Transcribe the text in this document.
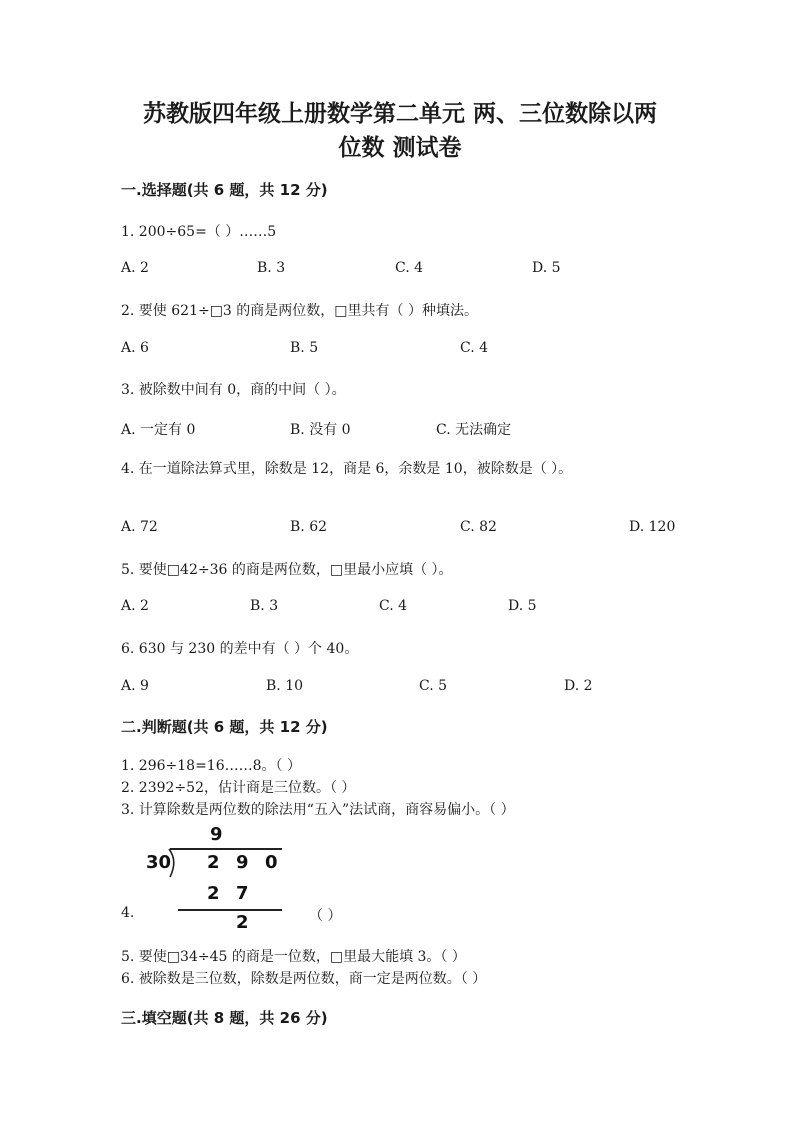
苏教版四年级上册数学第二单元 两、三位数除以两
位数 测试卷
一.选择题(共 6 题，共 12 分)
1. 200÷65=（ ）……5
A. 2	B. 3	C. 4	D. 5
2. 要使 621÷□3 的商是两位数，□里共有（ ）种填法。
A. 6	B. 5	C. 4
3. 被除数中间有 0，商的中间（ ）。
A. 一定有 0	B. 没有 0	C. 无法确定
4. 在一道除法算式里，除数是 12，商是 6，余数是 10，被除数是（ ）。
A. 72	B. 62	C. 82	D. 120
5. 要使□42÷36 的商是两位数，□里最小应填（ ）。
A. 2	B. 3	C. 4	D. 5
6. 630 与 230 的差中有（ ）个 40。
A. 9	B. 10	C. 5	D. 2
二.判断题(共 6 题，共 12 分)
1. 296÷18=16……8。（ ）
2. 2392÷52，估计商是三位数。（ ）
3. 计算除数是两位数的除法用“五入”法试商，商容易偏小。（ ）
9
30 2 9 0
2 7
2
4.	（ ）
5. 要使□34÷45 的商是一位数，□里最大能填 3。（ ）
6. 被除数是三位数，除数是两位数，商一定是两位数。（ ）
三.填空题(共 8 题，共 26 分)
